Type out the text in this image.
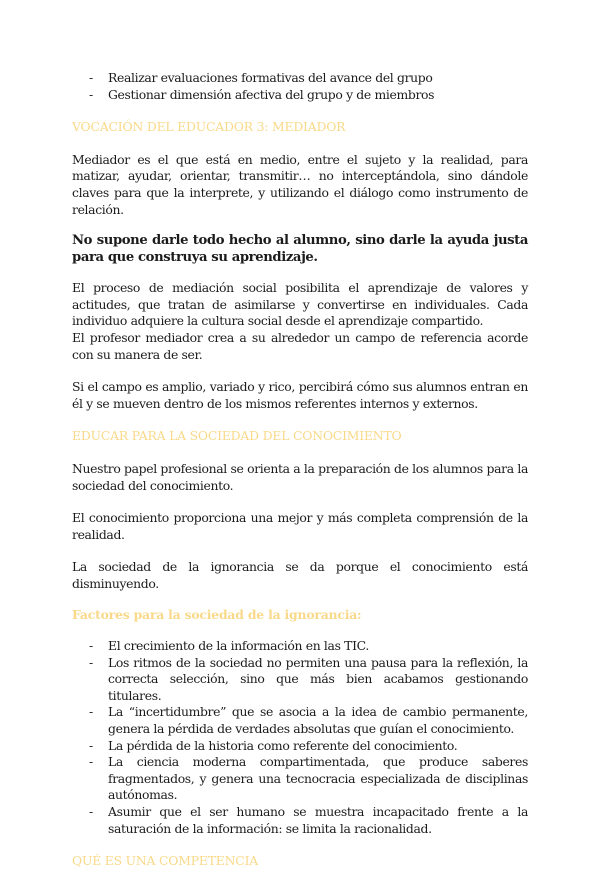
- Realizar evaluaciones formativas del avance del grupo
- Gestionar dimensión afectiva del grupo y de miembros
VOCACIÓN DEL EDUCADOR 3: MEDIADOR

Mediador es el que está en medio, entre el sujeto y la realidad, para matizar, ayudar, orientar, transmitir… no interceptándola, sino dándole claves para que la interprete, y utilizando el diálogo como instrumento de relación.

No supone darle todo hecho al alumno, sino darle la ayuda justa para que construya su aprendizaje.

El proceso de mediación social posibilita el aprendizaje de valores y actitudes, que tratan de asimilarse y convertirse en individuales. Cada individuo adquiere la cultura social desde el aprendizaje compartido.

El profesor mediador crea a su alrededor un campo de referencia acorde con su manera de ser.

Si el campo es amplio, variado y rico, percibirá cómo sus alumnos entran en él y se mueven dentro de los mismos referentes internos y externos.

EDUCAR PARA LA SOCIEDAD DEL CONOCIMIENTO

Nuestro papel profesional se orienta a la preparación de los alumnos para la sociedad del conocimiento.

El conocimiento proporciona una mejor y más completa comprensión de la realidad.

La sociedad de la ignorancia se da porque el conocimiento está disminuyendo.

Factores para la sociedad de la ignorancia:
- El crecimiento de la información en las TIC.
- Los ritmos de la sociedad no permiten una pausa para la reflexión, la correcta selección, sino que más bien acabamos gestionando titulares.
- La “incertidumbre” que se asocia a la idea de cambio permanente, genera la pérdida de verdades absolutas que guían el conocimiento.
- La pérdida de la historia como referente del conocimiento.
- La ciencia moderna compartimentada, que produce saberes fragmentados, y genera una tecnocracia especializada de disciplinas autónomas.
- Asumir que el ser humano se muestra incapacitado frente a la saturación de la información: se limita la racionalidad.
QUÉ ES UNA COMPETENCIA
